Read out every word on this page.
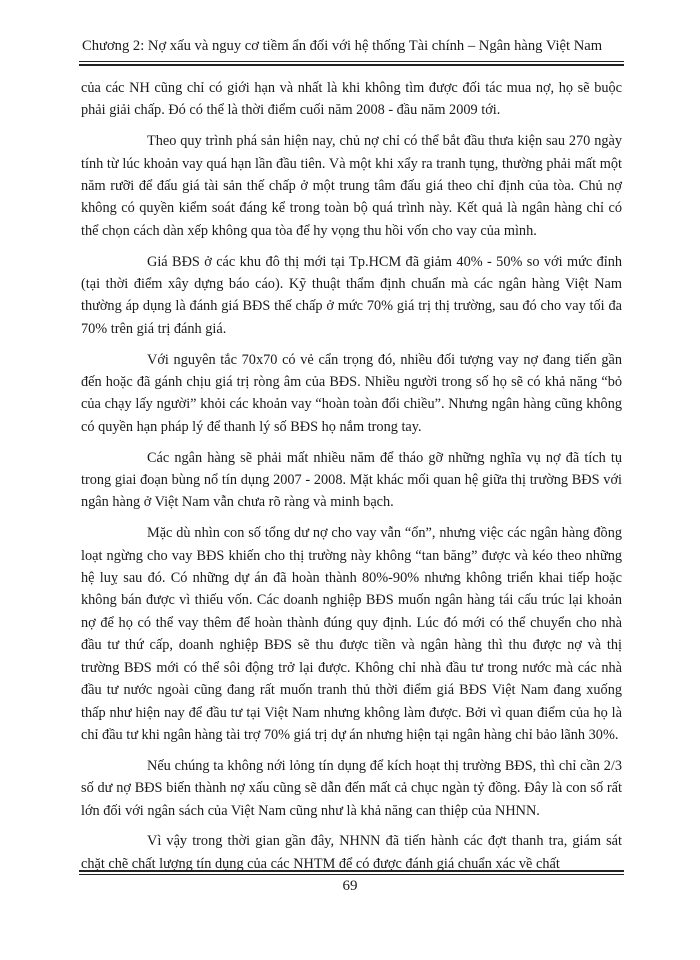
Chương 2: Nợ xấu và nguy cơ tiềm ẩn đối với hệ thống Tài chính – Ngân hàng Việt Nam

của các NH cũng chỉ có giới hạn và nhất là khi không tìm được đối tác mua nợ, họ sẽ buộc phải giải chấp. Đó có thể là thời điểm cuối năm 2008 - đầu năm 2009 tới.

Theo quy trình phá sản hiện nay, chủ nợ chỉ có thể bắt đầu thưa kiện sau 270 ngày tính từ lúc khoản vay quá hạn lần đầu tiên. Và một khi xẩy ra tranh tụng, thường phải mất một năm rưỡi để đấu giá tài sản thế chấp ở một trung tâm đấu giá theo chỉ định của tòa. Chủ nợ không có quyền kiểm soát đáng kể trong toàn bộ quá trình này. Kết quả là ngân hàng chỉ có thể chọn cách dàn xếp không qua tòa để hy vọng thu hồi vốn cho vay của mình.

Giá BĐS ở các khu đô thị mới tại Tp.HCM đã giảm 40% - 50% so với mức đỉnh (tại thời điểm xây dựng báo cáo). Kỹ thuật thẩm định chuẩn mà các ngân hàng Việt Nam thường áp dụng là đánh giá BĐS thế chấp ở mức 70% giá trị thị trường, sau đó cho vay tối đa 70% trên giá trị đánh giá.

Với nguyên tắc 70x70 có vẻ cẩn trọng đó, nhiều đối tượng vay nợ đang tiến gần đến hoặc đã gánh chịu giá trị ròng âm của BĐS. Nhiều người trong số họ sẽ có khả năng “bỏ của chạy lấy người” khỏi các khoản vay “hoàn toàn đổi chiều”. Nhưng ngân hàng cũng không có quyền hạn pháp lý để thanh lý số BĐS họ nắm trong tay.

Các ngân hàng sẽ phải mất nhiều năm để tháo gỡ những nghĩa vụ nợ đã tích tụ trong giai đoạn bùng nổ tín dụng 2007 - 2008. Mặt khác mối quan hệ giữa thị trường BĐS với ngân hàng ở Việt Nam vẫn chưa rõ ràng và minh bạch.

Mặc dù nhìn con số tổng dư nợ cho vay vẫn “ổn”, nhưng việc các ngân hàng đồng loạt ngừng cho vay BĐS khiến cho thị trường này không “tan băng” được và kéo theo những hệ luỵ sau đó. Có những dự án đã hoàn thành 80%-90% nhưng không triển khai tiếp hoặc không bán được vì thiếu vốn. Các doanh nghiệp BĐS muốn ngân hàng tái cấu trúc lại khoản nợ để họ có thể vay thêm để hoàn thành đúng quy định. Lúc đó mới có thể chuyển cho nhà đầu tư thứ cấp, doanh nghiệp BĐS sẽ thu được tiền và ngân hàng thì thu được nợ và thị trường BĐS mới có thể sôi động trở lại được. Không chỉ nhà đầu tư trong nước mà các nhà đầu tư nước ngoài cũng đang rất muốn tranh thủ thời điểm giá BĐS Việt Nam đang xuống thấp như hiện nay để đầu tư tại Việt Nam nhưng không làm được. Bởi vì quan điểm của họ là chỉ đầu tư khi ngân hàng tài trợ 70% giá trị dự án nhưng hiện tại ngân hàng chỉ bảo lãnh 30%.

Nếu chúng ta không nới lỏng tín dụng để kích hoạt thị trường BĐS, thì chỉ cần 2/3 số dư nợ BĐS biến thành nợ xấu cũng sẽ dẫn đến mất cả chục ngàn tỷ đồng. Đây là con số rất lớn đối với ngân sách của Việt Nam cũng như là khả năng can thiệp của NHNN.

Vì vậy trong thời gian gần đây, NHNN đã tiến hành các đợt thanh tra, giám sát chặt chẽ chất lượng tín dụng của các NHTM để có được đánh giá chuẩn xác về chất

69
